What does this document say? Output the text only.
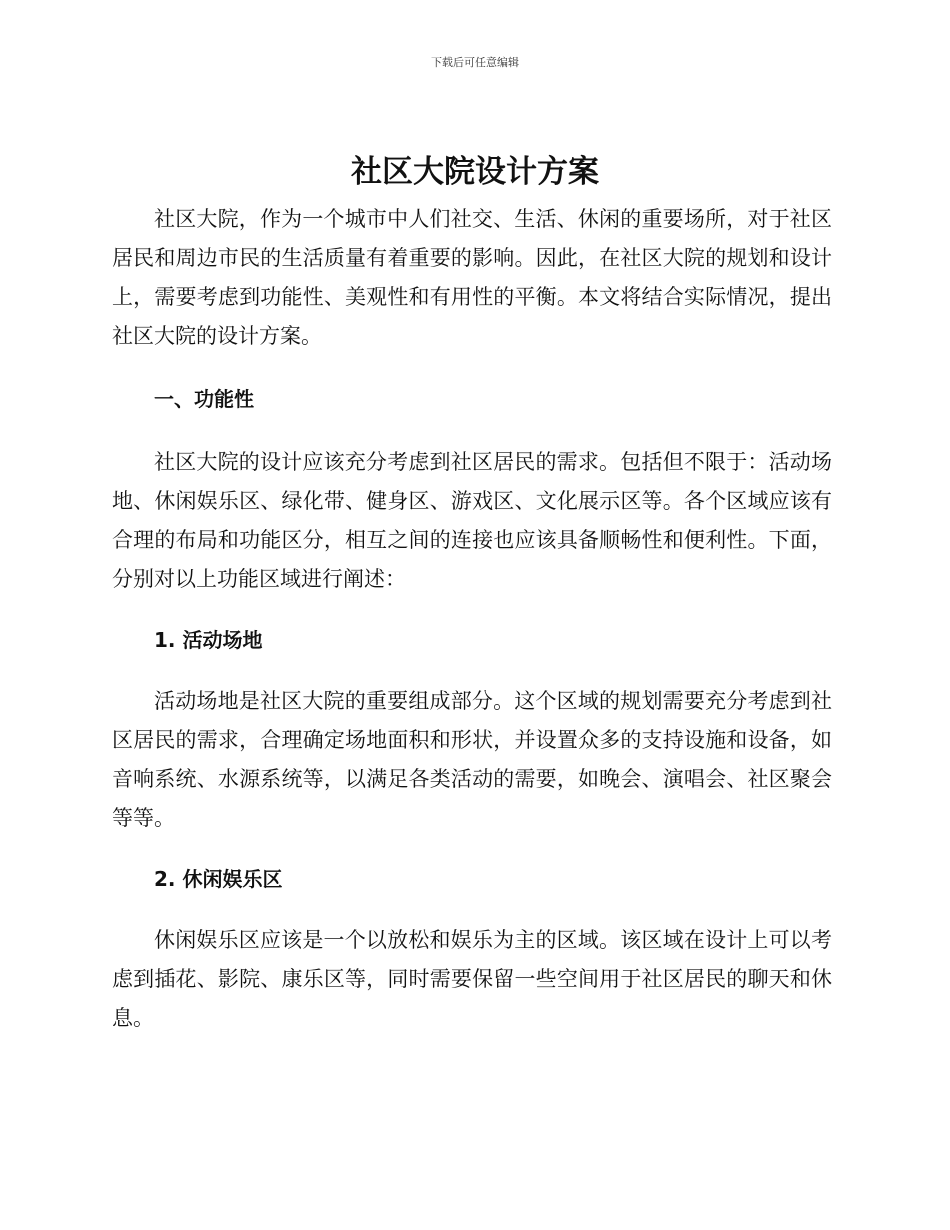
下载后可任意编辑
社区大院设计方案

社区大院，作为一个城市中人们社交、生活、休闲的重要场所，对于社区居民和周边市民的生活质量有着重要的影响。因此，在社区大院的规划和设计上，需要考虑到功能性、美观性和有用性的平衡。本文将结合实际情况，提出社区大院的设计方案。

一、功能性

社区大院的设计应该充分考虑到社区居民的需求。包括但不限于：活动场地、休闲娱乐区、绿化带、健身区、游戏区、文化展示区等。各个区域应该有合理的布局和功能区分，相互之间的连接也应该具备顺畅性和便利性。下面，分别对以上功能区域进行阐述：

1. 活动场地

活动场地是社区大院的重要组成部分。这个区域的规划需要充分考虑到社区居民的需求，合理确定场地面积和形状，并设置众多的支持设施和设备，如音响系统、水源系统等，以满足各类活动的需要，如晚会、演唱会、社区聚会等等。

2. 休闲娱乐区

休闲娱乐区应该是一个以放松和娱乐为主的区域。该区域在设计上可以考虑到插花、影院、康乐区等，同时需要保留一些空间用于社区居民的聊天和休息。
